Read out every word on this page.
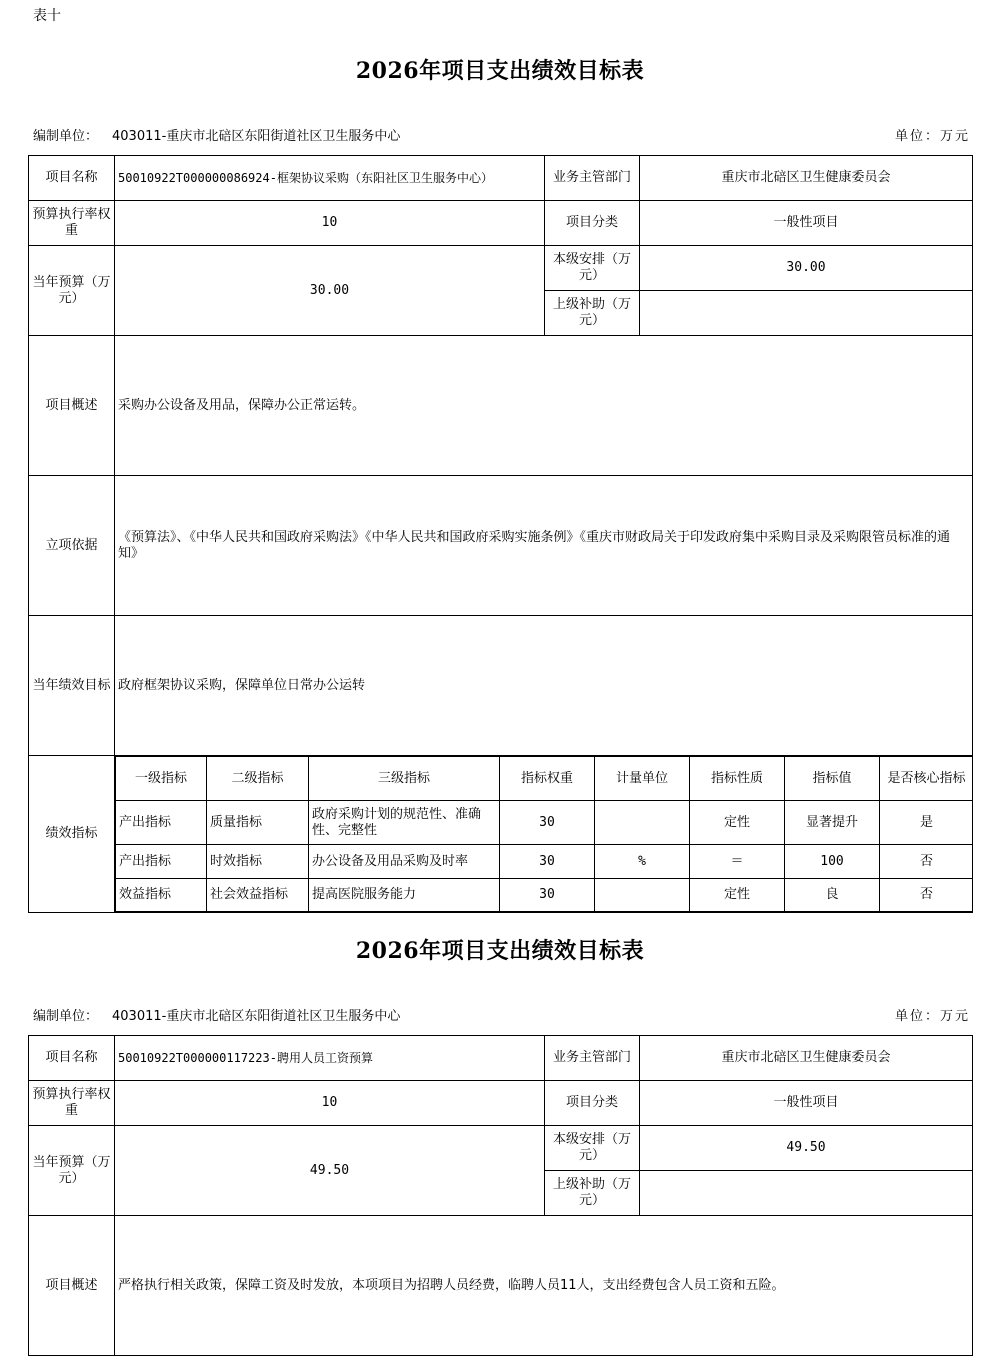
表十
2026年项目支出绩效目标表
编制单位： 403011-重庆市北碚区东阳街道社区卫生服务中心	单位：万元
项目名称	50010922T000000086924-框架协议采购（东阳社区卫生服务中心）	业务主管部门	重庆市北碚区卫生健康委员会
预算执行率权重	10	项目分类	一般性项目
当年预算（万元）	30.00	本级安排（万元）	30.00
上级补助（万元）	
项目概述	采购办公设备及用品，保障办公正常运转。
立项依据	《预算法》、《中华人民共和国政府采购法》《中华人民共和国政府采购实施条例》《重庆市财政局关于印发政府集中采购目录及采购限管员标准的通知》
当年绩效目标	政府框架协议采购，保障单位日常办公运转
绩效指标	
一级指标	二级指标	三级指标	指标权重	计量单位	指标性质	指标值	是否核心指标
产出指标	质量指标	政府采购计划的规范性、准确性、完整性	30		定性	显著提升	是
产出指标	时效指标	办公设备及用品采购及时率	30	%	＝	100	否
效益指标	社会效益指标	提高医院服务能力	30		定性	良	否
2026年项目支出绩效目标表
编制单位： 403011-重庆市北碚区东阳街道社区卫生服务中心	单位：万元
项目名称	50010922T000000117223-聘用人员工资预算	业务主管部门	重庆市北碚区卫生健康委员会
预算执行率权重	10	项目分类	一般性项目
当年预算（万元）	49.50	本级安排（万元）	49.50
		上级补助（万元）	
项目概述	严格执行相关政策，保障工资及时发放，本项项目为招聘人员经费，临聘人员11人，支出经费包含人员工资和五险。		
